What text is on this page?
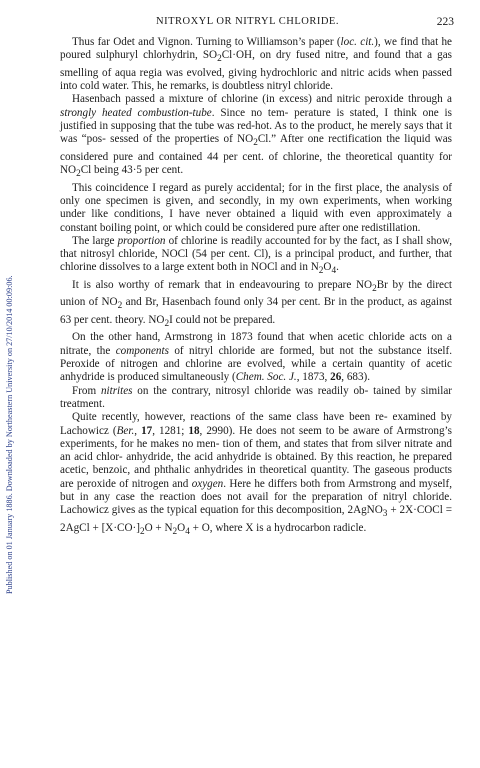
Published on 01 January 1886. Downloaded by Northeastern University on 27/10/2014 00:09:06.
NITROXYL OR NITRYL CHLORIDE.	223

Thus far Odet and Vignon. Turning to Williamson’s paper (loc. cit.), we find that he poured sulphuryl chlorhydrin, $SO_2Cl\cdot OH$, on dry fused nitre, and found that a gas smelling of aqua regia was evolved, giving hydrochloric and nitric acids when passed into cold water. This, he remarks, is doubtless nitryl chloride.

Hasenbach passed a mixture of chlorine (in excess) and nitric peroxide through a strongly heated combustion-tube. Since no tem- perature is stated, I think one is justified in supposing that the tube was red-hot. As to the product, he merely says that it was “pos- sessed of the properties of $NO_2Cl$.” After one rectification the liquid was considered pure and contained 44 per cent. of chlorine, the theoretical quantity for $NO_2Cl$ being 43·5 per cent.

This coincidence I regard as purely accidental; for in the first place, the analysis of only one specimen is given, and secondly, in my own experiments, when working under like conditions, I have never obtained a liquid with even approximately a constant boiling point, or which could be considered pure after one redistillation.

The large proportion of chlorine is readily accounted for by the fact, as I shall show, that nitrosyl chloride, NOCl (54 per cent. Cl), is a principal product, and further, that chlorine dissolves to a large extent both in NOCl and in $N_2O_4$.

It is also worthy of remark that in endeavouring to prepare $NO_2Br$ by the direct union of $NO_2$ and Br, Hasenbach found only 34 per cent. Br in the product, as against 63 per cent. theory. $NO_2I$ could not be prepared.

On the other hand, Armstrong in 1873 found that when acetic chloride acts on a nitrate, the components of nitryl chloride are formed, but not the substance itself. Peroxide of nitrogen and chlorine are evolved, while a certain quantity of acetic anhydride is produced simultaneously (Chem. Soc. J., 1873, 26, 683).

From nitrites on the contrary, nitrosyl chloride was readily ob- tained by similar treatment.

Quite recently, however, reactions of the same class have been re- examined by Lachowicz (Ber., 17, 1281; 18, 2990). He does not seem to be aware of Armstrong’s experiments, for he makes no men- tion of them, and states that from silver nitrate and an acid chlor- anhydride, the acid anhydride is obtained. By this reaction, he prepared acetic, benzoic, and phthalic anhydrides in theoretical quantity. The gaseous products are peroxide of nitrogen and oxygen. Here he differs both from Armstrong and myself, but in any case the reaction does not avail for the preparation of nitryl chloride. Lachowicz gives as the typical equation for this decomposition, 2AgNO$_3$ + 2X·COCl = 2AgCl + $[X\cdot CO\cdot]_2O + N_2O_4 + O$, where X is a hydrocarbon radicle.
